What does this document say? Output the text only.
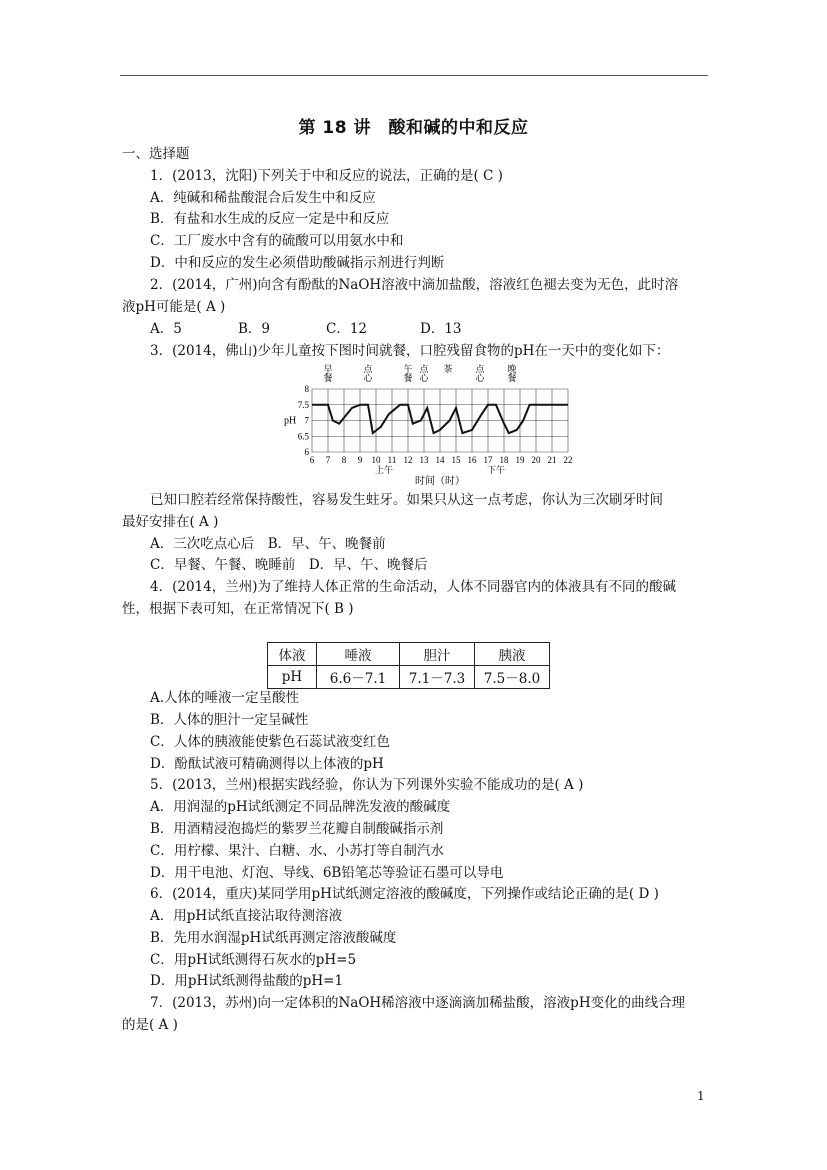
第 18 讲　酸和碱的中和反应
一、选择题
1．(2013，沈阳)下列关于中和反应的说法，正确的是( C )
A．纯碱和稀盐酸混合后发生中和反应
B．有盐和水生成的反应一定是中和反应
C．工厂废水中含有的硫酸可以用氨水中和
D．中和反应的发生必须借助酸碱指示剂进行判断
2．(2014，广州)向含有酚酞的NaOH溶液中滴加盐酸，溶液红色褪去变为无色，此时溶
液pH可能是( A )
A．5	B．9	C．12	D．13
3．(2014，佛山)少年儿童按下图时间就餐，口腔残留食物的pH在一天中的变化如下：
早
餐
点
心
午
餐
点
心
茶	点
心
晚
餐
6
6.5
7
7.5
8
6 7 8 9 10 11 12 13 14 15 16 17 18 19 20 21 22
pH
时间（时）
上午	下午
已知口腔若经常保持酸性，容易发生蛀牙。如果只从这一点考虑，你认为三次刷牙时间
最好安排在( A )
A．三次吃点心后　B．早、午、晚餐前
C．早餐、午餐、晚睡前　D．早、午、晚餐后
4．(2014，兰州)为了维持人体正常的生命活动，人体不同器官内的体液具有不同的酸碱
性，根据下表可知，在正常情况下( B )
体液	唾液	胆汁	胰液
pH	6.6－7.1	7.1－7.3	7.5－8.0
A.人体的唾液一定呈酸性
B．人体的胆汁一定呈碱性
C．人体的胰液能使紫色石蕊试液变红色
D．酚酞试液可精确测得以上体液的pH
5．(2013，兰州)根据实践经验，你认为下列课外实验不能成功的是( A )
A．用润湿的pH试纸测定不同品牌洗发液的酸碱度
B．用酒精浸泡捣烂的紫罗兰花瓣自制酸碱指示剂
C．用柠檬、果汁、白糖、水、小苏打等自制汽水
D．用干电池、灯泡、导线、6B铅笔芯等验证石墨可以导电
6．(2014，重庆)某同学用pH试纸测定溶液的酸碱度，下列操作或结论正确的是( D )
A．用pH试纸直接沾取待测溶液
B．先用水润湿pH试纸再测定溶液酸碱度
C．用pH试纸测得石灰水的pH=5
D．用pH试纸测得盐酸的pH=1
7．(2013，苏州)向一定体积的NaOH稀溶液中逐滴滴加稀盐酸，溶液pH变化的曲线合理
的是( A )
1
